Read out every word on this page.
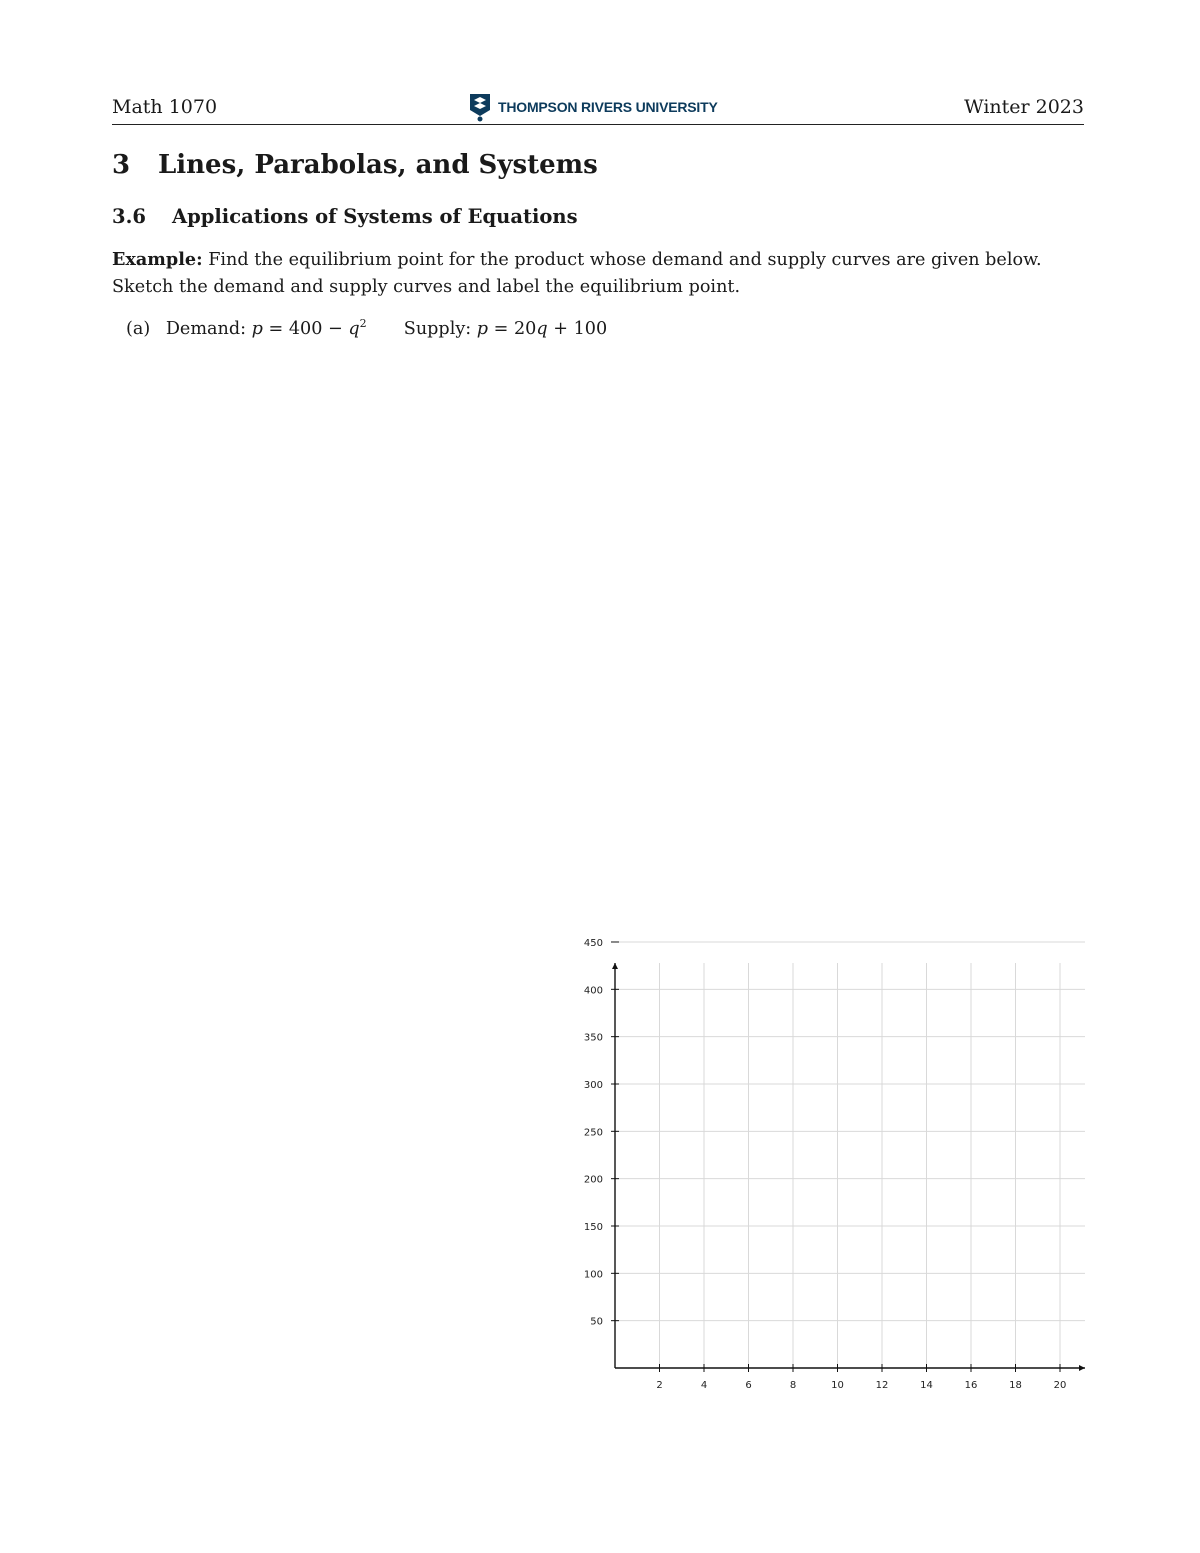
Math 1070	THOMPSON RIVERS UNIVERSITY	Winter 2023
3 Lines, Parabolas, and Systems
3.6 Applications of Systems of Equations

Example: Find the equilibrium point for the product whose demand and supply curves are given below. Sketch the demand and supply curves and label the equilibrium point.

(a) Demand: $p = 400 - q^2$ Supply: p = 20q + 100
2	4	6	8	10	12	14	16	18	20
50
100
150
200
250
300
350
400
450
